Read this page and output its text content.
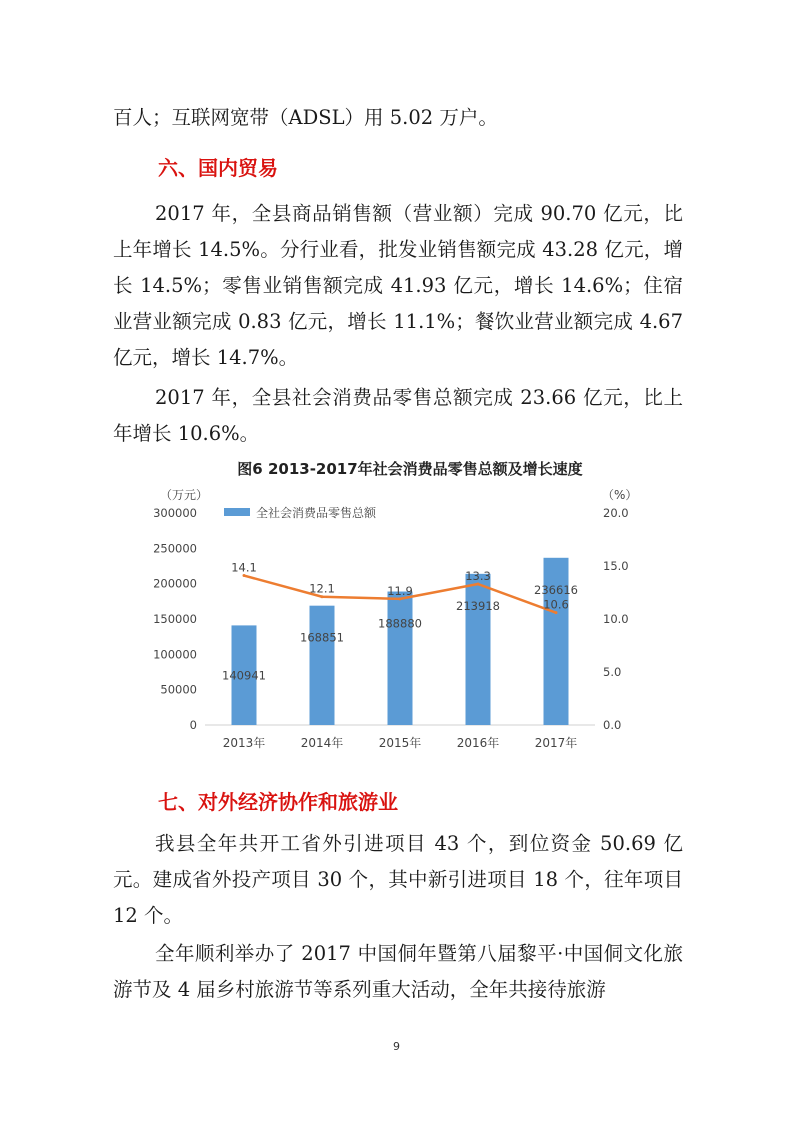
百人；互联网宽带（ADSL）用 5.02 万户。

六、国内贸易

2017 年，全县商品销售额（营业额）完成 90.70 亿元，比上年增长 14.5%。分行业看，批发业销售额完成 43.28 亿元，增长 14.5%；零售业销售额完成 41.93 亿元，增长 14.6%；住宿业营业额完成 0.83 亿元，增长 11.1%；餐饮业营业额完成 4.67 亿元，增长 14.7%。

2017 年，全县社会消费品零售总额完成 23.66 亿元，比上年增长 10.6%。

图6 2013-2017年社会消费品零售总额及增长速度
（万元）	（%）
0
50000
100000
150000
200000
250000
300000
0.0
5.0
10.0
15.0
20.0
140941
168851
188880
213918
236616
14.1
12.1	11.9
13.3
10.6
2013年	2014年	2015年	2016年	2017年
全社会消费品零售总额

七、对外经济协作和旅游业

我县全年共开工省外引进项目 43 个，到位资金 50.69 亿元。建成省外投产项目 30 个，其中新引进项目 18 个，往年项目 12 个。

全年顺利举办了 2017 中国侗年暨第八届黎平·中国侗文化旅游节及 4 届乡村旅游节等系列重大活动，全年共接待旅游

9
